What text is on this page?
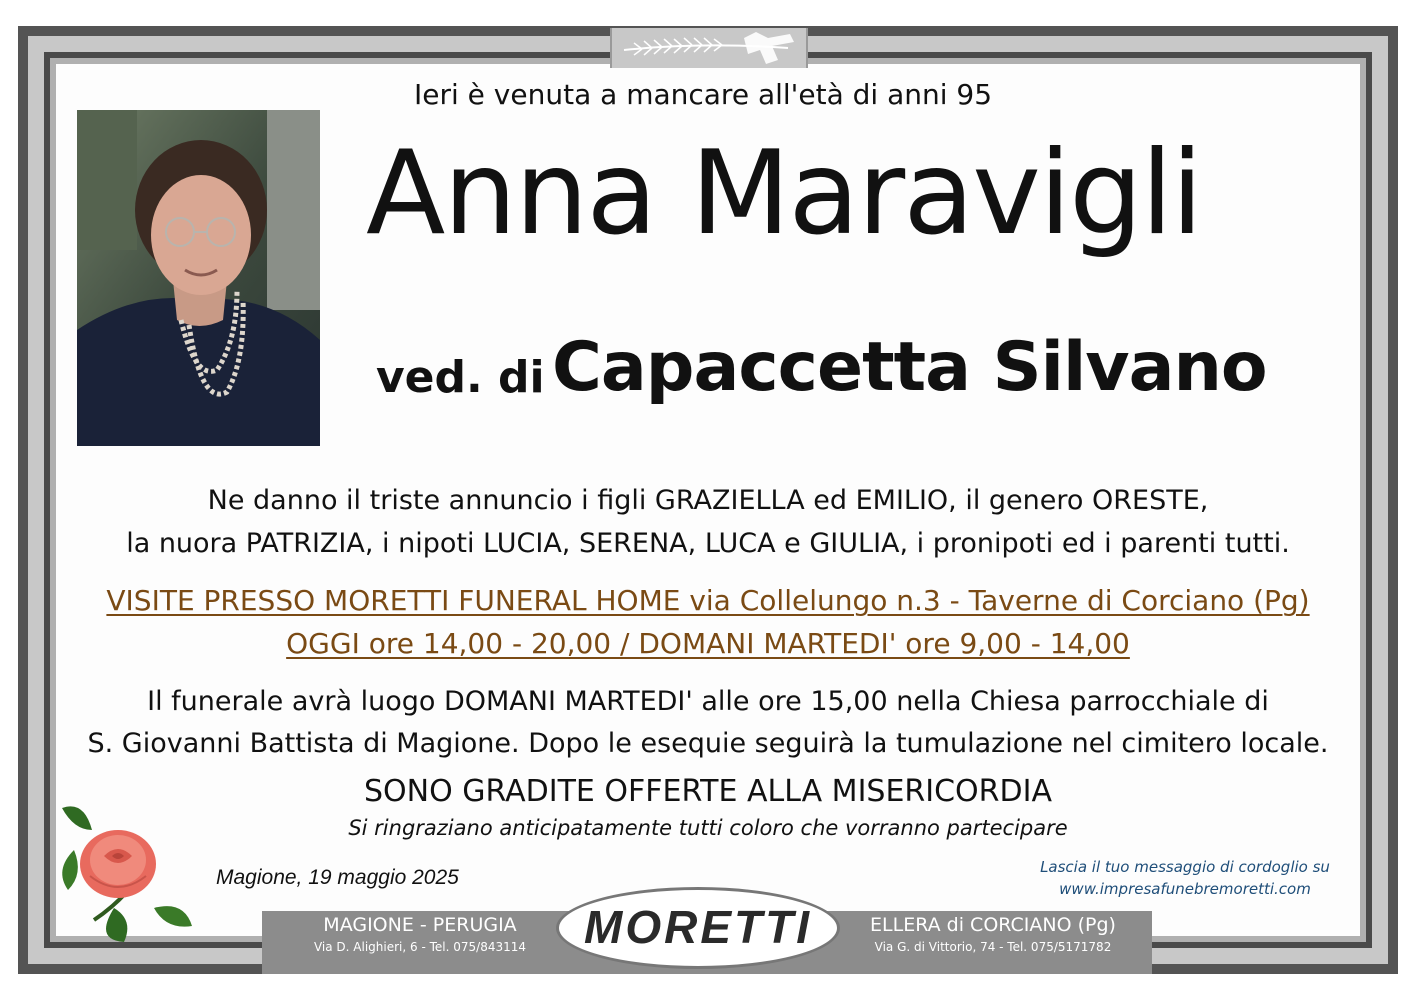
Ieri è venuta a mancare all'età di anni 95
Anna Maravigli
ved. di Capaccetta Silvano
Ne danno il triste annuncio i figli GRAZIELLA ed EMILIO, il genero ORESTE,
la nuora PATRIZIA, i nipoti LUCIA, SERENA, LUCA e GIULIA, i pronipoti ed i parenti tutti.
VISITE PRESSO MORETTI FUNERAL HOME via Collelungo n.3 - Taverne di Corciano (Pg)
OGGI ore 14,00 - 20,00 / DOMANI MARTEDI' ore 9,00 - 14,00
Il funerale avrà luogo DOMANI MARTEDI' alle ore 15,00 nella Chiesa parrocchiale di
S. Giovanni Battista di Magione. Dopo le esequie seguirà la tumulazione nel cimitero locale.
SONO GRADITE OFFERTE ALLA MISERICORDIA
Si ringraziano anticipatamente tutti coloro che vorranno partecipare
Magione, 19 maggio 2025	Lascia il tuo messaggio di cordoglio su
www.impresafunebremoretti.com
MAGIONE - PERUGIA
Via D. Alighieri, 6 - Tel. 075/843114	MORETTI	ELLERA di CORCIANO (Pg)
Via G. di Vittorio, 74 - Tel. 075/5171782
